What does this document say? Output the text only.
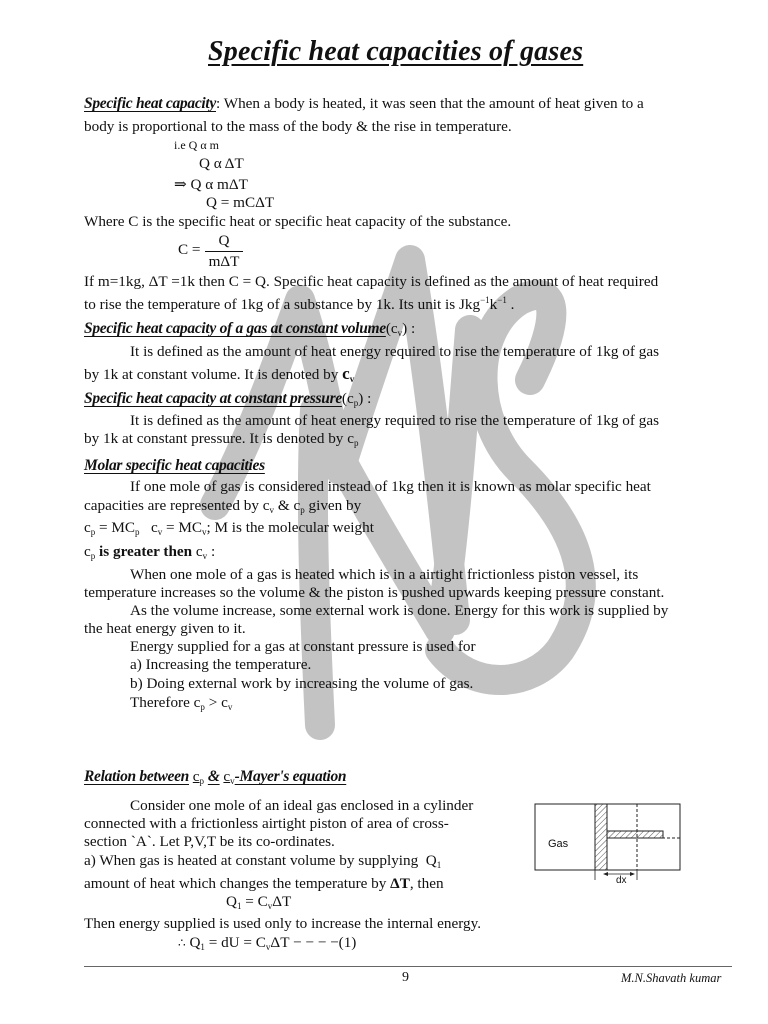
Specific heat capacities of gases
Specific heat capacity: When a body is heated, it was seen that the amount of heat given to a
body is proportional to the mass of the body & the rise in temperature.
i.e Q α m
Q α ΔT
⇒ Q α mΔT
Q = mCΔT
Where C is the specific heat or specific heat capacity of the substance.
C =
Q
mΔT
If m=1kg, ΔT =1k then C = Q. Specific heat capacity is defined as the amount of heat required
to rise the temperature of 1kg of a substance by 1k. Its unit is $Jkg^{-1}k^{-1}$ .
Specific heat capacity of a gas at constant $volume(c_v)$ :
It is defined as the amount of heat energy required to rise the temperature of 1kg of gas
by 1k at constant volume. It is denoted by $c_v$
Specific heat capacity at constant $pressure(c_p)$ :
It is defined as the amount of heat energy required to rise the temperature of 1kg of gas
by 1k at constant pressure. It is denoted by $c_p$
Molar specific heat capacities
If one mole of gas is considered instead of 1kg then it is known as molar specific heat
capacities are represented by $c_v$ & $c_p$ given by
$c_p = MC_p$ $c_v = MC_v$; M is the molecular weight
$c_p$ is greater then $c_v$ :
When one mole of a gas is heated which is in a airtight frictionless piston vessel, its
temperature increases so the volume & the piston is pushed upwards keeping pressure constant.
As the volume increase, some external work is done. Energy for this work is supplied by
the heat energy given to it.
Energy supplied for a gas at constant pressure is used for
a) Increasing the temperature.
b) Doing external work by increasing the volume of gas.
Therefore $c_p > c_v$
Relation between $c_p$ & $c_v-Mayer's$ equation
Consider one mole of an ideal gas enclosed in a cylinder
connected with a frictionless airtight piston of area of cross-
section `A`. Let P,V,T be its co-ordinates.
a) When gas is heated at constant volume by supplying $Q_1$
amount of heat which changes the temperature by ΔT, then
$Q_1 = C_v\Delta T$
Then energy supplied is used only to increase the internal energy.
∴ $Q_1$ = dU = $C_v\Delta T$ − − − −(1)
Gas
dx
9	M.N.Shavath kumar
